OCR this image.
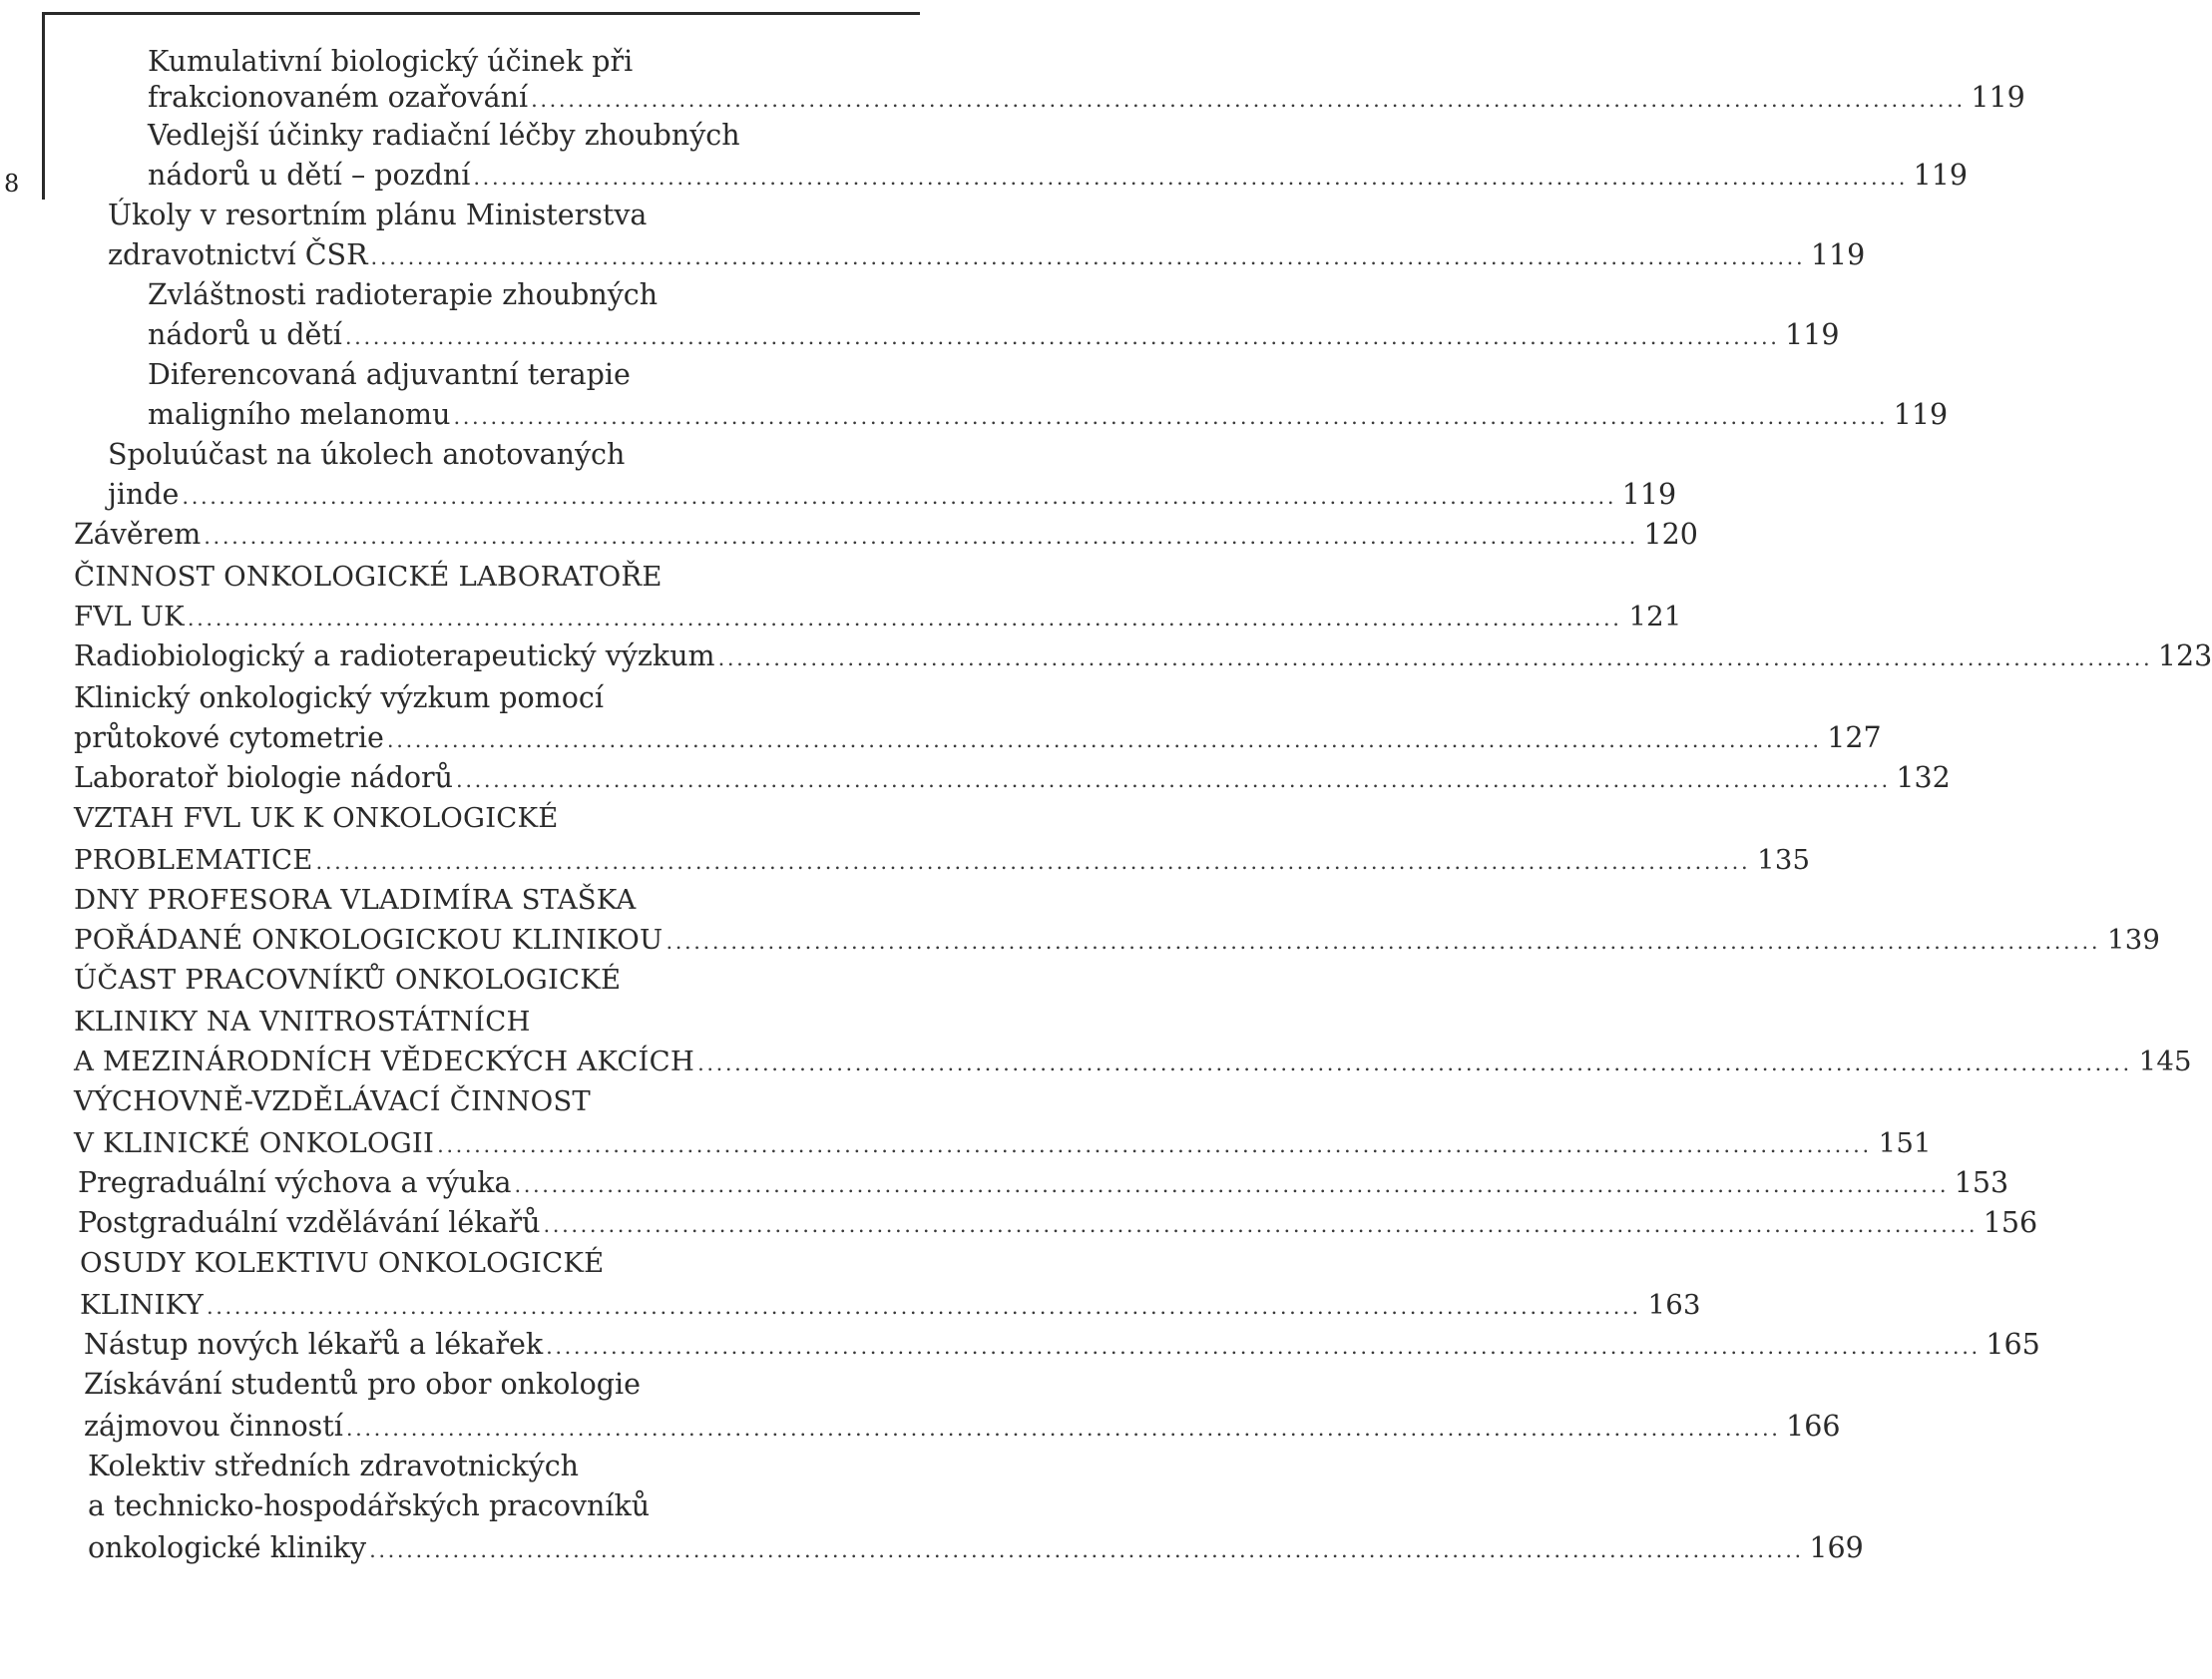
8
Kumulativní biologický účinek při
frakcionovaném ozařování ........................................................................................................................................................... 119
Vedlejší účinky radiační léčby zhoubných
nádorů u dětí – pozdní ........................................................................................................................................................... 119
Úkoly v resortním plánu Ministerstva
zdravotnictví ČSR ........................................................................................................................................................... 119
Zvláštnosti radioterapie zhoubných
nádorů u dětí ........................................................................................................................................................... 119
Diferencovaná adjuvantní terapie
maligního melanomu ........................................................................................................................................................... 119
Spoluúčast na úkolech anotovaných
jinde ........................................................................................................................................................... 119
Závěrem ........................................................................................................................................................... 120
ČINNOST ONKOLOGICKÉ LABORATOŘE
FVL UK ........................................................................................................................................................... 121
Radiobiologický a radioterapeutický výzkum ........................................................................................................................................................... 123
Klinický onkologický výzkum pomocí
průtokové cytometrie ........................................................................................................................................................... 127
Laboratoř biologie nádorů ........................................................................................................................................................... 132
VZTAH FVL UK K ONKOLOGICKÉ
PROBLEMATICE ........................................................................................................................................................... 135
DNY PROFESORA VLADIMÍRA STAŠKA
POŘÁDANÉ ONKOLOGICKOU KLINIKOU ........................................................................................................................................................... 139
ÚČAST PRACOVNÍKŮ ONKOLOGICKÉ
KLINIKY NA VNITROSTÁTNÍCH
A MEZINÁRODNÍCH VĚDECKÝCH AKCÍCH ........................................................................................................................................................... 145
VÝCHOVNĚ-VZDĚLÁVACÍ ČINNOST
V KLINICKÉ ONKOLOGII ........................................................................................................................................................... 151
Pregraduální výchova a výuka ........................................................................................................................................................... 153
Postgraduální vzdělávání lékařů ........................................................................................................................................................... 156
OSUDY KOLEKTIVU ONKOLOGICKÉ
KLINIKY ........................................................................................................................................................... 163
Nástup nových lékařů a lékařek ........................................................................................................................................................... 165
Získávání studentů pro obor onkologie
zájmovou činností ........................................................................................................................................................... 166
Kolektiv středních zdravotnických
a technicko-hospodářských pracovníků
onkologické kliniky ........................................................................................................................................................... 169
